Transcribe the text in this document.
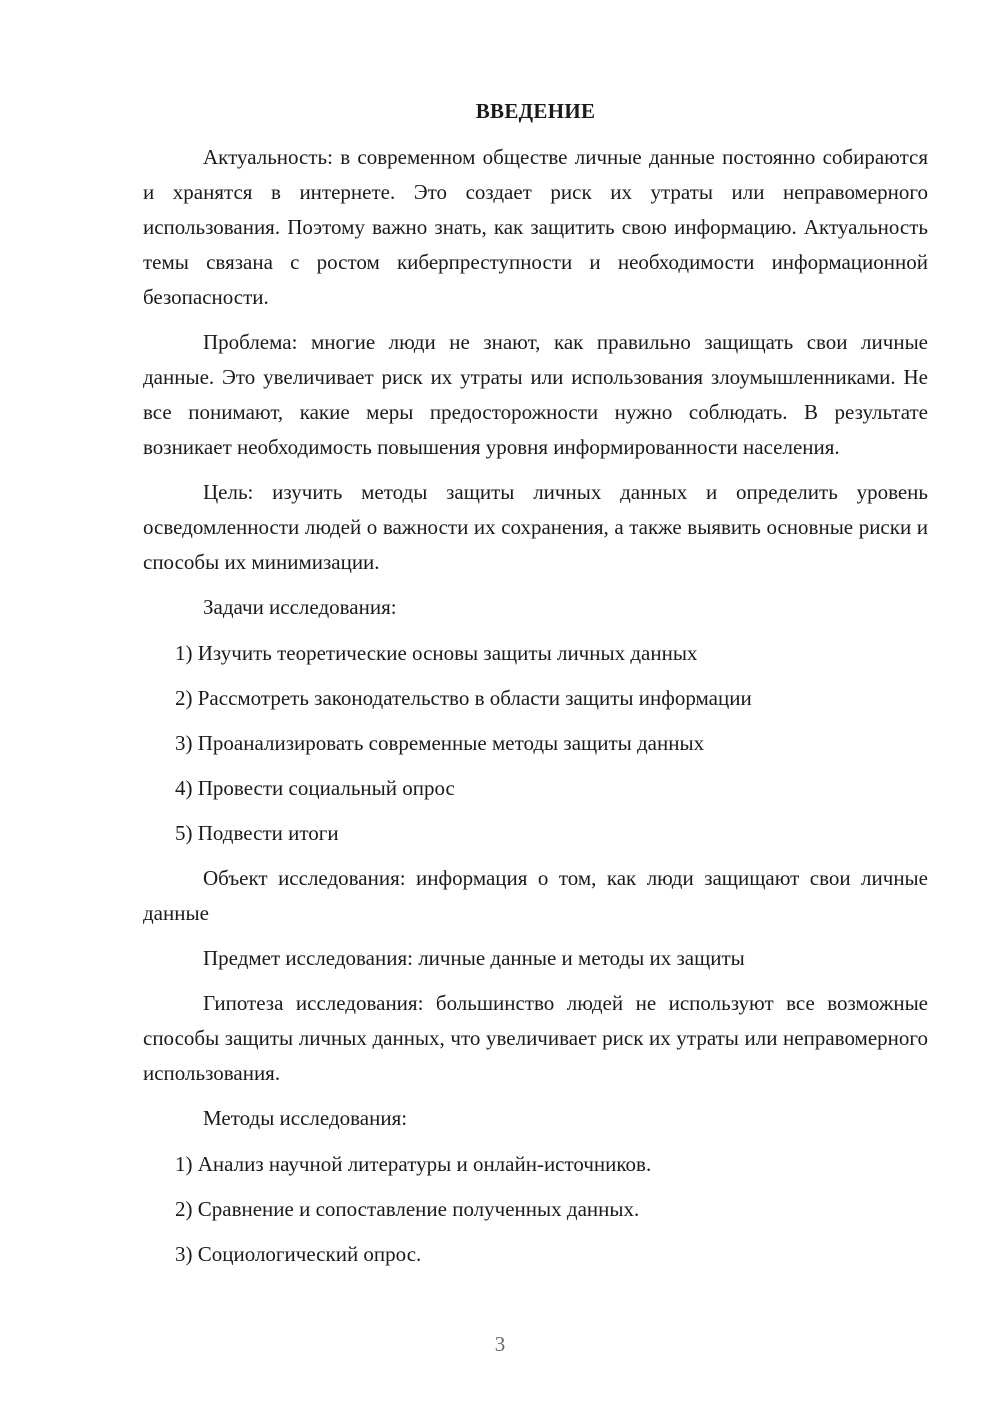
ВВЕДЕНИЕ

Актуальность: в современном обществе личные данные постоянно собираются и хранятся в интернете. Это создает риск их утраты или неправомерного использования. Поэтому важно знать, как защитить свою информацию. Актуальность темы связана с ростом киберпреступности и необходимости информационной безопасности.

Проблема: многие люди не знают, как правильно защищать свои личные данные. Это увеличивает риск их утраты или использования злоумышленниками. Не все понимают, какие меры предосторожности нужно соблюдать. В результате возникает необходимость повышения уровня информированности населения.

Цель: изучить методы защиты личных данных и определить уровень осведомленности людей о важности их сохранения, а также выявить основные риски и способы их минимизации.

Задачи исследования:
1) Изучить теоретические основы защиты личных данных
2) Рассмотреть законодательство в области защиты информации
3) Проанализировать современные методы защиты данных
4) Провести социальный опрос
5) Подвести итоги

Объект исследования: информация о том, как люди защищают свои личные данные

Предмет исследования: личные данные и методы их защиты

Гипотеза исследования: большинство людей не используют все возможные способы защиты личных данных, что увеличивает риск их утраты или неправомерного использования.

Методы исследования:
1) Анализ научной литературы и онлайн-источников.
2) Сравнение и сопоставление полученных данных.
3) Социологический опрос.
3
